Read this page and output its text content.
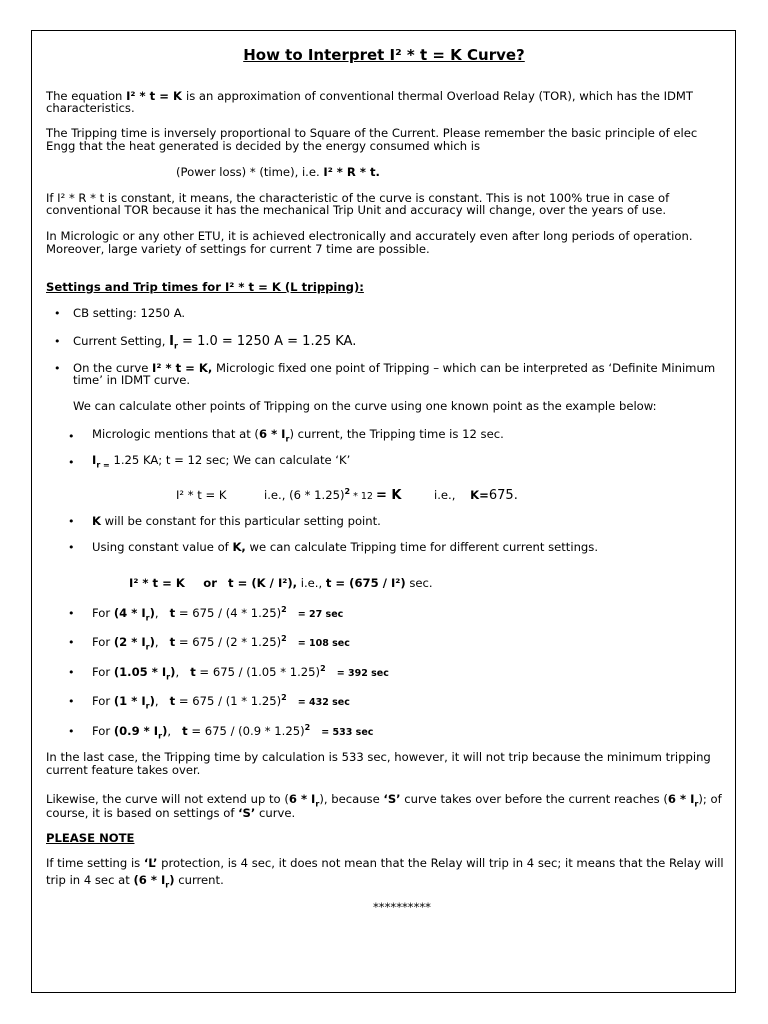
How to Interpret I² * t = K Curve?
The equation I² * t = K is an approximation of conventional thermal Overload Relay (TOR), which has the IDMT
characteristics.
The Tripping time is inversely proportional to Square of the Current. Please remember the basic principle of elec
Engg that the heat generated is decided by the energy consumed which is
(Power loss) * (time), i.e. I² * R * t.
If I² * R * t is constant, it means, the characteristic of the curve is constant. This is not 100% true in case of
conventional TOR because it has the mechanical Trip Unit and accuracy will change, over the years of use.
In Micrologic or any other ETU, it is achieved electronically and accurately even after long periods of operation.
Moreover, large variety of settings for current 7 time are possible.
Settings and Trip times for I² * t = K (L tripping):
• CB setting: 1250 A.
• Current Setting, $I_r = 1.0 = 1250$ A = 1.25 KA.
• On the curve I² * t = K, Micrologic fixed one point of Tripping – which can be interpreted as ‘Definite Minimum
time’ in IDMT curve.
We can calculate other points of Tripping on the curve using one known point as the example below:
• Micrologic mentions that at $(6 * I_r)$ current, the Tripping time is 12 sec.
• $I_{r =}$ 1.25 KA; t = 12 sec; We can calculate ‘K’
I² * t = K	i.e., (6 * 1.25)$^2$ * 12 = K	i.e., K=675.
• K will be constant for this particular setting point.
• Using constant value of K, we can calculate Tripping time for different current settings.
I² * t = K or t = (K / I²), i.e., t = (675 / I²) sec.
• For $(4 * I_r)$,   t = 675 / (4 * 1.25)$^2$ = 27 sec
• For $(2 * I_r)$,   t = 675 / (2 * 1.25)$^2$ = 108 sec
• For $(1.05 * I_r)$,   t = 675 / (1.05 * 1.25)$^2$ = 392 sec
• For $(1 * I_r)$,   t = 675 / (1 * 1.25)$^2$ = 432 sec
• For $(0.9 * I_r)$,   t = 675 / (0.9 * 1.25)$^2$ = 533 sec
In the last case, the Tripping time by calculation is 533 sec, however, it will not trip because the minimum tripping
current feature takes over.
Likewise, the curve will not extend up to $(6 * I_r)$, because ‘S’ curve takes over before the current reaches $(6 * I_r)$; of
course, it is based on settings of ‘S’ curve.
PLEASE NOTE
If time setting is ‘L’ protection, is 4 sec, it does not mean that the Relay will trip in 4 sec; it means that the Relay will
trip in 4 sec at $(6 * I_r)$ current.
**********
